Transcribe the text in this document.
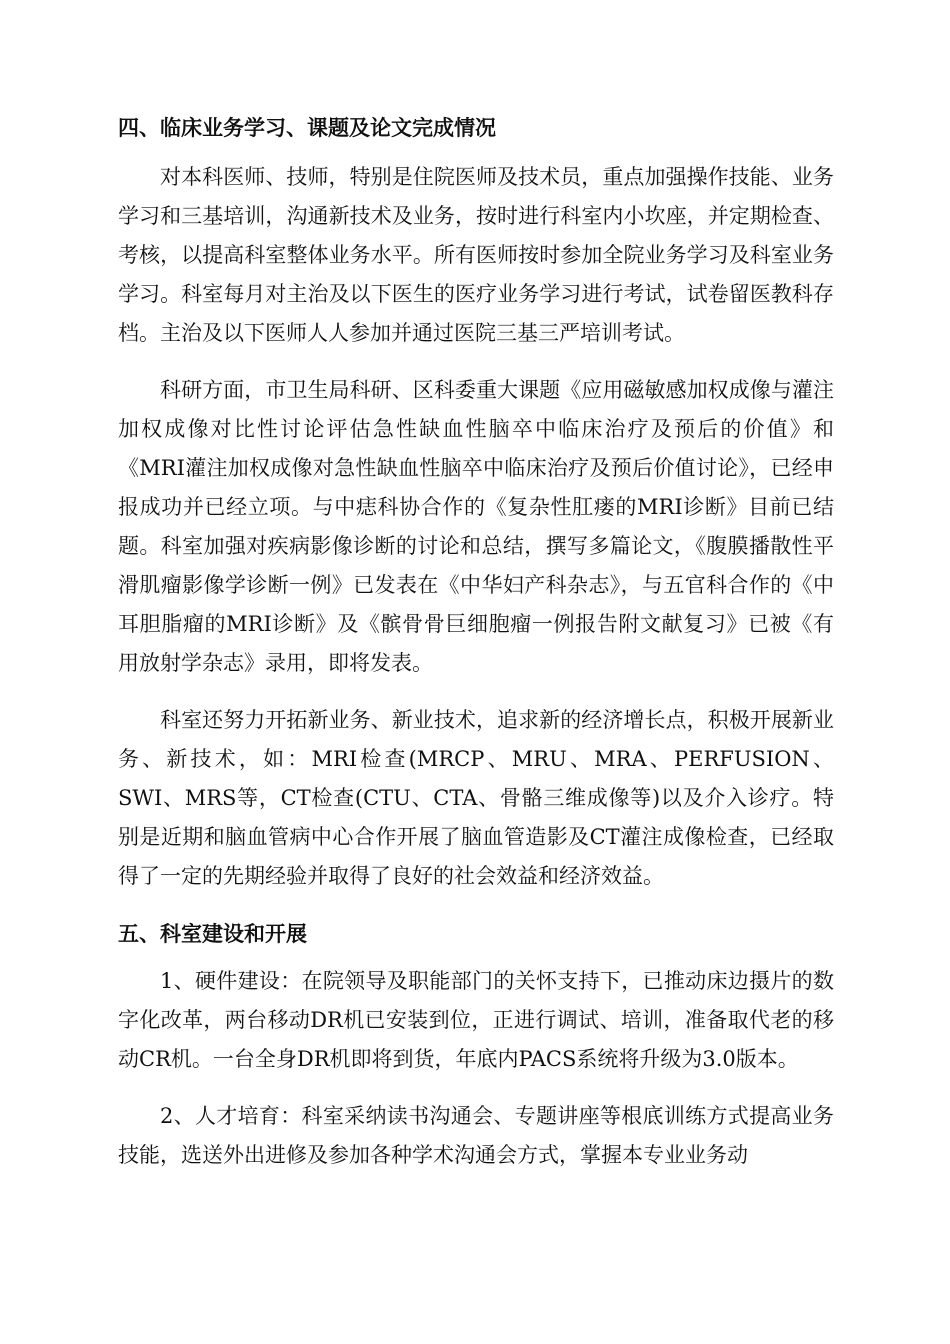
四、临床业务学习、课题及论文完成情况

对本科医师、技师，特别是住院医师及技术员，重点加强操作技能、业务学习和三基培训，沟通新技术及业务，按时进行科室内小坎座，并定期检查、考核，以提高科室整体业务水平。所有医师按时参加全院业务学习及科室业务学习。科室每月对主治及以下医生的医疗业务学习进行考试，试卷留医教科存档。主治及以下医师人人参加并通过医院三基三严培训考试。

科研方面，市卫生局科研、区科委重大课题《应用磁敏感加权成像与灌注加权成像对比性讨论评估急性缺血性脑卒中临床治疗及预后的价值》和《MRI灌注加权成像对急性缺血性脑卒中临床治疗及预后价值讨论》，已经申报成功并已经立项。与中痣科协合作的《复杂性肛瘘的MRI诊断》目前已结题。科室加强对疾病影像诊断的讨论和总结，撰写多篇论文，《腹膜播散性平滑肌瘤影像学诊断一例》已发表在《中华妇产科杂志》，与五官科合作的《中耳胆脂瘤的MRI诊断》及《髌骨骨巨细胞瘤一例报告附文献复习》已被《有用放射学杂志》录用，即将发表。

科室还努力开拓新业务、新业技术，追求新的经济增长点，积极开展新业务、新技术，如：MRI检查(MRCP、MRU、MRA、PERFUSION、SWI、MRS等，CT检查(CTU、CTA、骨骼三维成像等)以及介入诊疗。特别是近期和脑血管病中心合作开展了脑血管造影及CT灌注成像检查，已经取得了一定的先期经验并取得了良好的社会效益和经济效益。

五、科室建设和开展

1、硬件建设：在院领导及职能部门的关怀支持下，已推动床边摄片的数字化改革，两台移动DR机已安装到位，正进行调试、培训，准备取代老的移动CR机。一台全身DR机即将到货，年底内PACS系统将升级为3.0版本。

2、人才培育：科室采纳读书沟通会、专题讲座等根底训练方式提高业务技能，选送外出进修及参加各种学术沟通会方式，掌握本专业业务动
